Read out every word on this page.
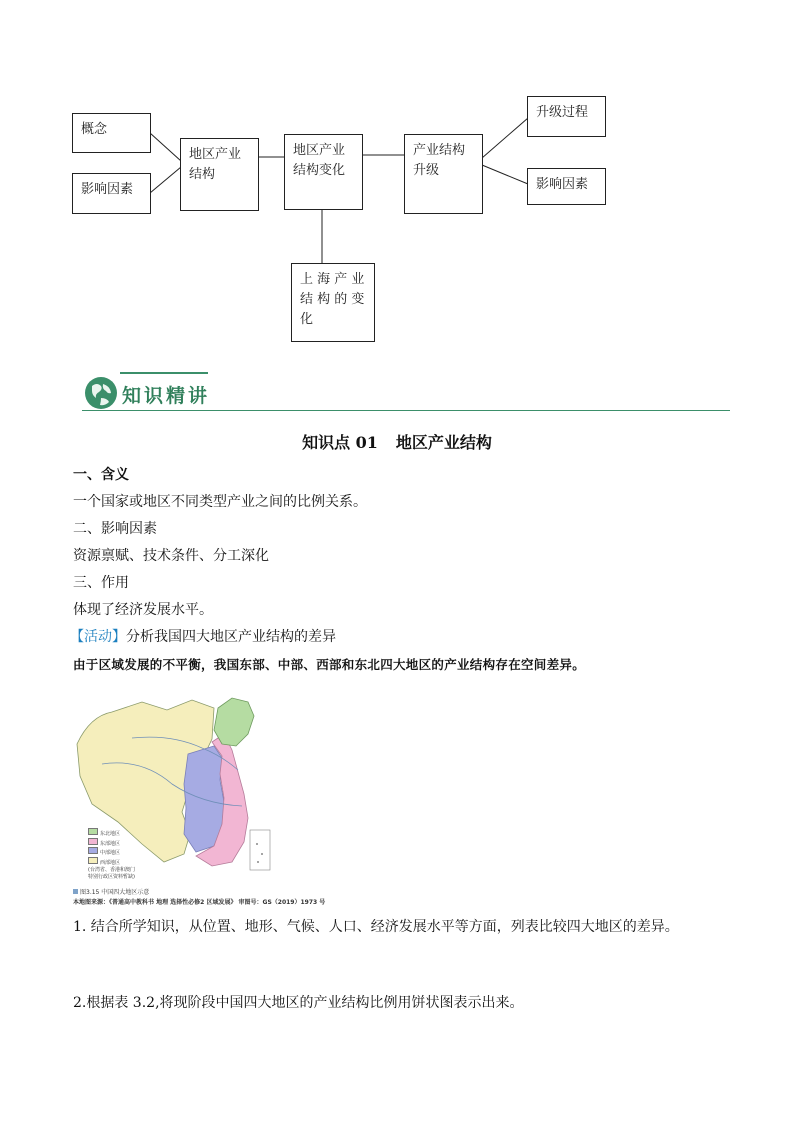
概念
影响因素
地区产业
结构
地区产业
结构变化
产业结构
升级
升级过程
影响因素
上 海 产 业
结 构 的 变
化
知识精讲
知识点 01 地区产业结构
一、含义
一个国家或地区不同类型产业之间的比例关系。
二、影响因素
资源禀赋、技术条件、分工深化
三、作用
体现了经济发展水平。
【活动】分析我国四大地区产业结构的差异
由于区域发展的不平衡，我国东部、中部、西部和东北四大地区的产业结构存在空间差异。
东北地区
东部地区
中部地区
西部地区
(台湾省、香港和澳门
特别行政区资料暂缺)
图3.15 中国四大地区示意
本地图来源：《普通高中教科书 地理 选择性必修2 区域发展》 审图号：GS（2019）1973 号
1. 结合所学知识，从位置、地形、气候、人口、经济发展水平等方面，列表比较四大地区的差异。
2.根据表 3.2,将现阶段中国四大地区的产业结构比例用饼状图表示出来。
